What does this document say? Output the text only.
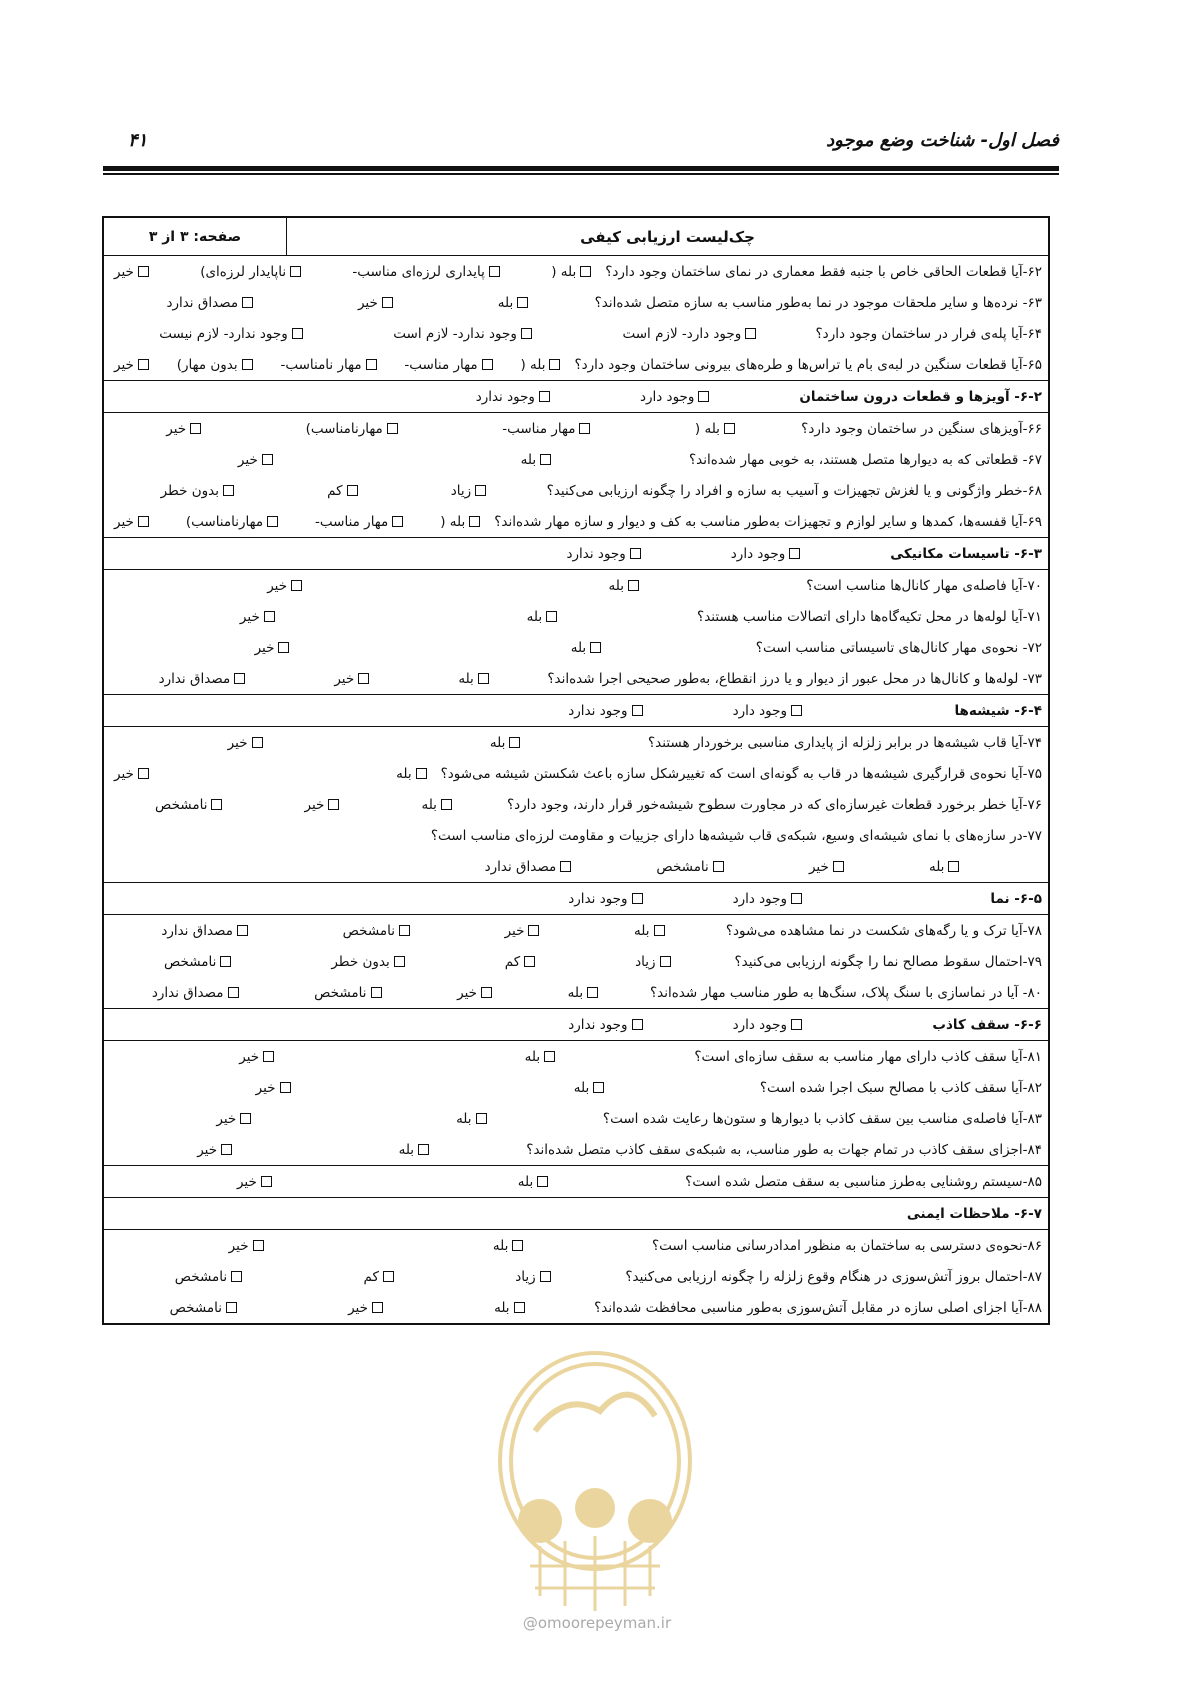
فصل اول- شناخت وضع موجود
۴۱
چک‌لیست ارزیابی کیفی
صفحه: ۳ از ۳
۶۲-آیا قطعات الحاقی خاص با جنبه فقط معماری در نمای ساختمان وجود دارد؟
بله (
پایداری لرزه‌ای مناسب-
ناپایدار لرزه‌ای)
خیر
۶۳- نرده‌ها و سایر ملحقات موجود در نما به‌طور مناسب به سازه متصل شده‌اند؟
بله
خیر
مصداق ندارد
۶۴-آیا پله‌ی فرار در ساختمان وجود دارد؟
وجود دارد- لازم است
وجود ندارد- لازم است
وجود ندارد- لازم نیست
۶۵-آیا قطعات سنگین در لبه‌ی بام یا تراس‌ها و طره‌های بیرونی ساختمان وجود دارد؟
بله (
مهار مناسب-
مهار نامناسب-
بدون مهار)
خیر
۶-۲- آویزها و قطعات درون ساختمان
وجود دارد
وجود ندارد
۶۶-آویزهای سنگین در ساختمان وجود دارد؟
بله (
مهار مناسب-
مهارنامناسب)
خیر
۶۷- قطعاتی که به دیوارها متصل هستند، به خوبی مهار شده‌اند؟
بله
خیر
۶۸-خطر واژگونی و یا لغزش تجهیزات و آسیب به سازه و افراد را چگونه ارزیابی می‌کنید؟
زیاد
کم
بدون خطر
۶۹-آیا قفسه‌ها، کمدها و سایر لوازم و تجهیزات به‌طور مناسب به کف و دیوار و سازه مهار شده‌اند؟
بله (
مهار مناسب-
مهارنامناسب)
خیر
۶-۳- تاسیسات مکانیکی
وجود دارد
وجود ندارد
۷۰-آیا فاصله‌ی مهار کانال‌ها مناسب است؟
بله
خیر
۷۱-آیا لوله‌ها در محل تکیه‌گاه‌ها دارای اتصالات مناسب هستند؟
بله
خیر
۷۲- نحوه‌ی مهار کانال‌های تاسیساتی مناسب است؟
بله
خیر
۷۳- لوله‌ها و کانال‌ها در محل عبور از دیوار و یا درز انقطاع، به‌طور صحیحی اجرا شده‌اند؟
بله
خیر
مصداق ندارد
۶-۴- شیشه‌ها
وجود دارد
وجود ندارد
۷۴-آیا قاب شیشه‌ها در برابر زلزله از پایداری مناسبی برخوردار هستند؟
بله
خیر
۷۵-آیا نحوه‌ی قرارگیری شیشه‌ها در قاب به گونه‌ای است که تغییرشکل سازه باعث شکستن شیشه می‌شود؟
بله
خیر
۷۶-آیا خطر برخورد قطعات غیرسازه‌ای که در مجاورت سطوح شیشه‌خور قرار دارند، وجود دارد؟
بله
خیر
نامشخص
۷۷-در سازه‌های با نمای شیشه‌ای وسیع، شبکه‌ی قاب شیشه‌ها دارای جزییات و مقاومت لرزه‌ای مناسب است؟
بله
خیر
نامشخص
مصداق ندارد
۶-۵- نما
وجود دارد
وجود ندارد
۷۸-آیا ترک و یا رگه‌های شکست در نما مشاهده می‌شود؟
بله
خیر
نامشخص
مصداق ندارد
۷۹-احتمال سقوط مصالح نما را چگونه ارزیابی می‌کنید؟
زیاد
کم
بدون خطر
نامشخص
۸۰- آیا در نماسازی با سنگ پلاک، سنگ‌ها به طور مناسب مهار شده‌اند؟
بله
خیر
نامشخص
مصداق ندارد
۶-۶- سقف کاذب
وجود دارد
وجود ندارد
۸۱-آیا سقف کاذب دارای مهار مناسب به سقف سازه‌ای است؟
بله
خیر
۸۲-آیا سقف کاذب با مصالح سبک اجرا شده است؟
بله
خیر
۸۳-آیا فاصله‌ی مناسب بین سقف کاذب با دیوارها و ستون‌ها رعایت شده است؟
بله
خیر
۸۴-اجزای سقف کاذب در تمام جهات به طور مناسب، به شبکه‌ی سقف کاذب متصل شده‌اند؟
بله
خیر
۸۵-سیستم روشنایی به‌طرز مناسبی به سقف متصل شده است؟
بله
خیر
۶-۷- ملاحظات ایمنی
۸۶-نحوه‌ی دسترسی به ساختمان به منظور امدادرسانی مناسب است؟
بله
خیر
۸۷-احتمال بروز آتش‌سوزی در هنگام وقوع زلزله را چگونه ارزیابی می‌کنید؟
زیاد
کم
نامشخص
۸۸-آیا اجزای اصلی سازه در مقابل آتش‌سوزی به‌طور مناسبی محافظت شده‌اند؟
بله
خیر
نامشخص
@omoorepeyman.ir
